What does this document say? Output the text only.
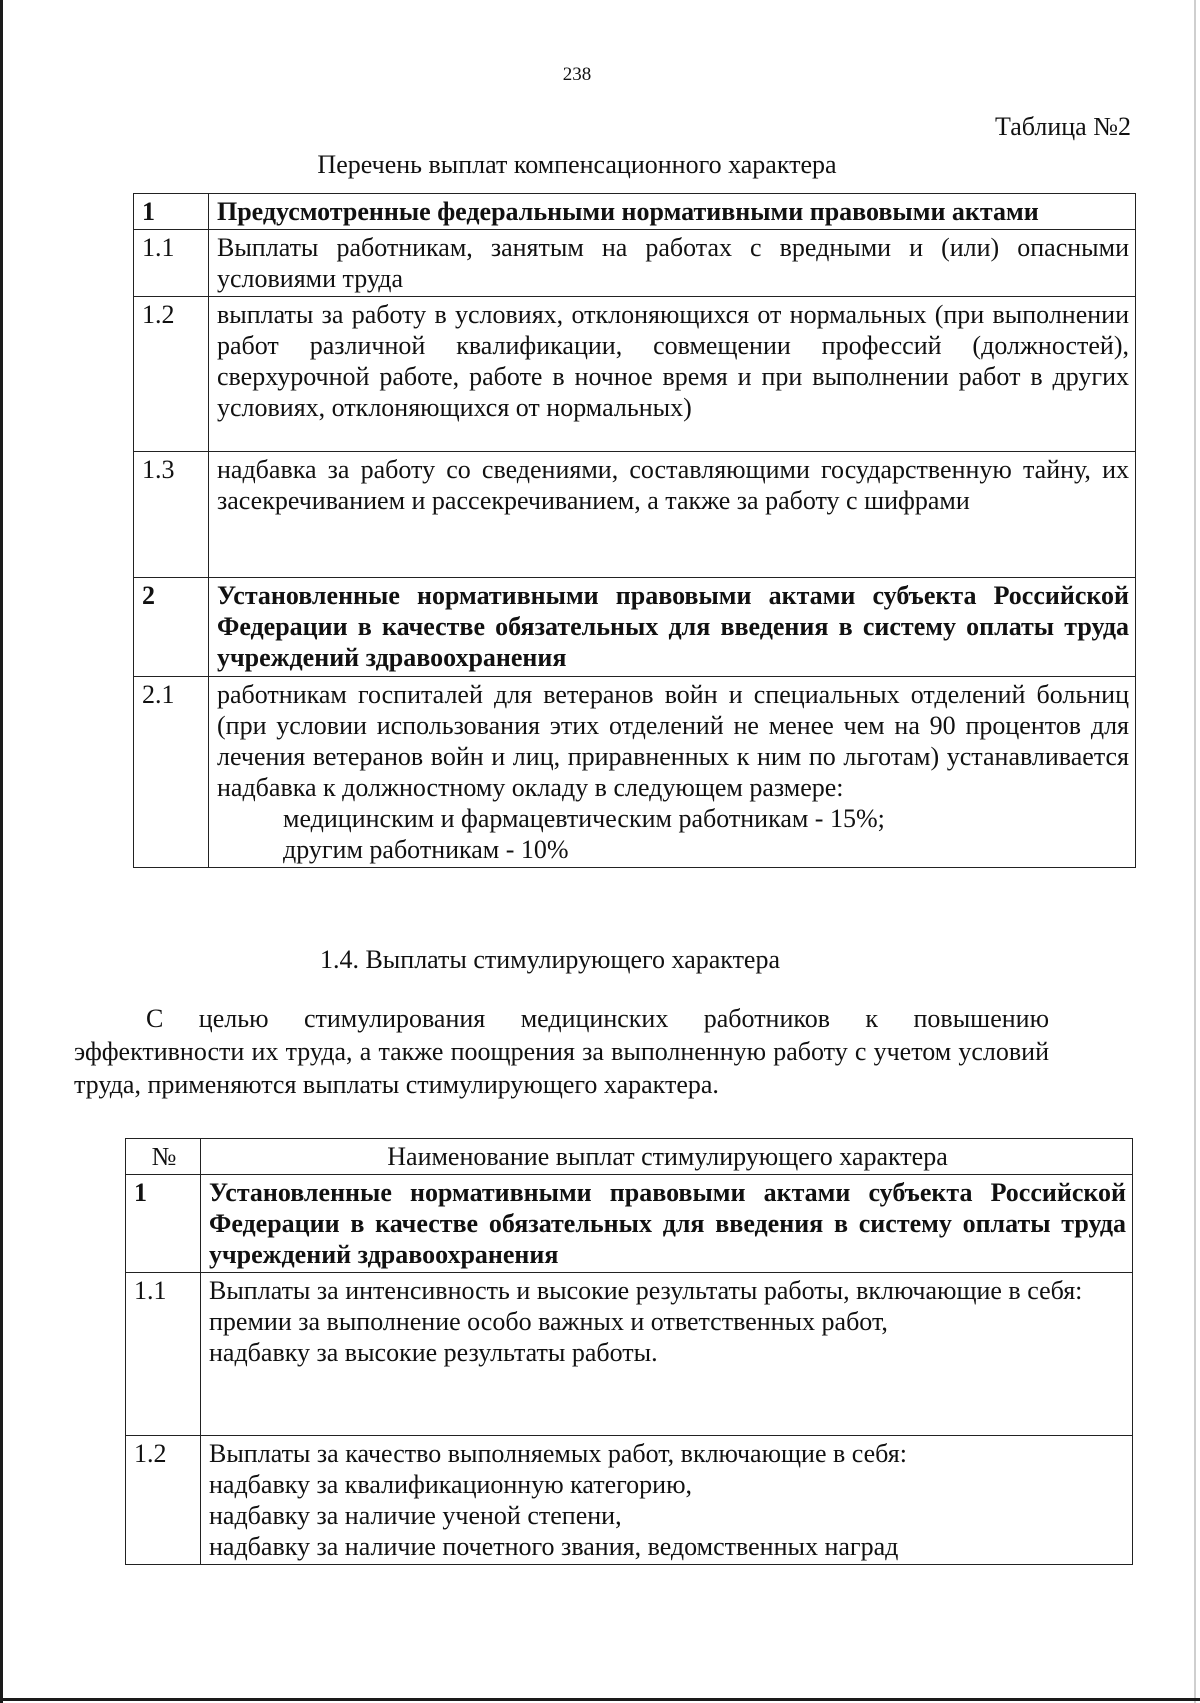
238
Таблица №2
Перечень выплат компенсационного характера
1	Предусмотренные федеральными нормативными правовыми актами
1.1	Выплаты работникам, занятым на работах с вредными и (или) опасными условиями труда
1.2	выплаты за работу в условиях, отклоняющихся от нормальных (при выполнении работ различной квалификации, совмещении профессий (должностей), сверхурочной работе, работе в ночное время и при выполнении работ в других условиях, отклоняющихся от нормальных)
1.3	надбавка за работу со сведениями, составляющими государственную тайну, их засекречиванием и рассекречиванием, а также за работу с шифрами
2	Установленные нормативными правовыми актами субъекта Российской Федерации в качестве обязательных для введения в систему оплаты труда учреждений здравоохранения
2.1	работникам госпиталей для ветеранов войн и специальных отделений больниц (при условии использования этих отделений не менее чем на 90 процентов для лечения ветеранов войн и лиц, приравненных к ним по льготам) устанавливается надбавка к должностному окладу в следующем размере:
медицинским и фармацевтическим работникам - 15%;
другим работникам - 10%
1.4. Выплаты стимулирующего характера
С целью стимулирования медицинских работников к повышению эффективности их труда, а также поощрения за выполненную работу с учетом условий труда, применяются выплаты стимулирующего характера.
№	Наименование выплат стимулирующего характера
1	Установленные нормативными правовыми актами субъекта Российской Федерации в качестве обязательных для введения в систему оплаты труда учреждений здравоохранения
1.1	Выплаты за интенсивность и высокие результаты работы, включающие в себя:
премии за выполнение особо важных и ответственных работ,
надбавку за высокие результаты работы.

1.2	Выплаты за качество выполняемых работ, включающие в себя:
надбавку за квалификационную категорию,
надбавку за наличие ученой степени,
надбавку за наличие почетного звания, ведомственных наград
